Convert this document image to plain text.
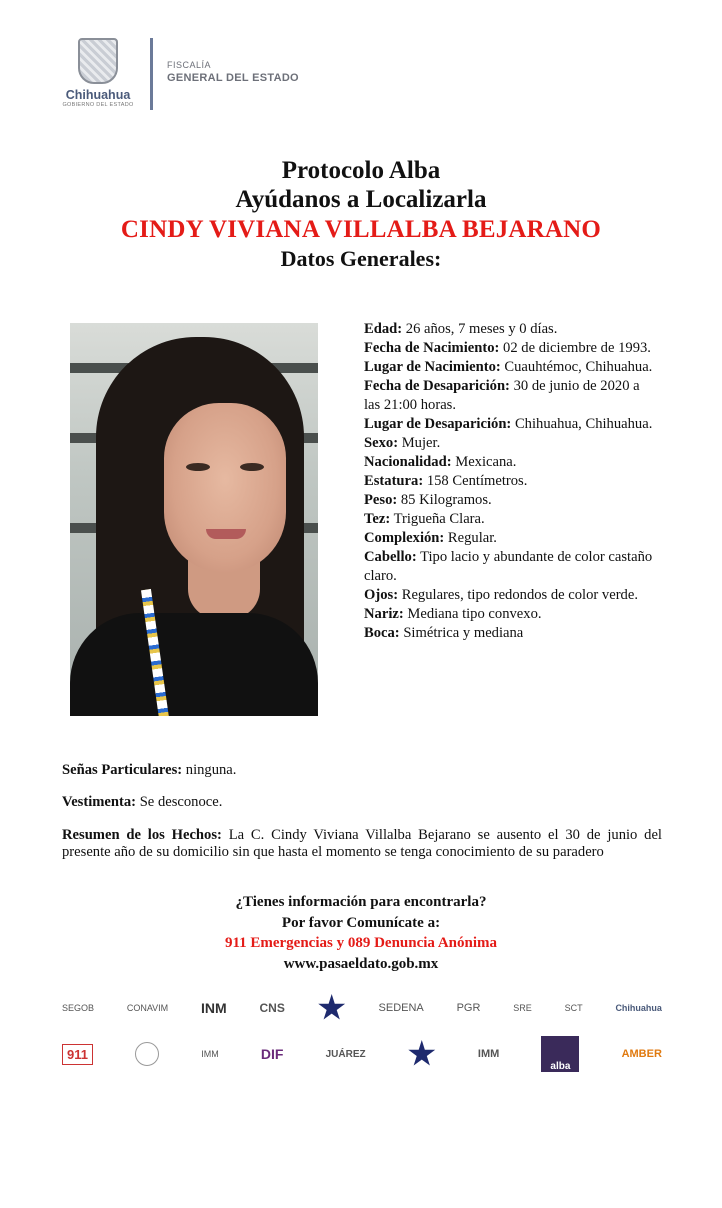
Chihuahua
GOBIERNO DEL ESTADO
FISCALÍA
GENERAL DEL ESTADO
Protocolo Alba
Ayúdanos a Localizarla
CINDY VIVIANA VILLALBA BEJARANO
Datos Generales:

Edad: 26 años, 7 meses y 0 días.

Fecha de Nacimiento: 02 de diciembre de 1993.

Lugar de Nacimiento: Cuauhtémoc, Chihuahua.

Fecha de Desaparición: 30 de junio de 2020 a las 21:00 horas.

Lugar de Desaparición: Chihuahua, Chihuahua.

Sexo: Mujer.

Nacionalidad: Mexicana.

Estatura: 158 Centímetros.

Peso: 85 Kilogramos.

Tez: Trigueña Clara.

Complexión: Regular.

Cabello: Tipo lacio y abundante de color castaño claro.

Ojos: Regulares, tipo redondos de color verde.

Nariz: Mediana tipo convexo.

Boca: Simétrica y mediana

Señas Particulares: ninguna.

Vestimenta: Se desconoce.

Resumen de los Hechos: La C. Cindy Viviana Villalba Bejarano se ausento el 30 de junio del presente año de su domicilio sin que hasta el momento se tenga conocimiento de su paradero

¿Tienes información para encontrarla?
Por favor Comunícate a:
911 Emergencias y 089 Denuncia Anónima
www.pasaeldato.gob.mx
SEGOB	CONAVIM INM	CNS	SEDENA	PGR	SRE	SCT	Chihuahua
911	IMM	DIF	JUÁREZ	IMM
alba
AMBER
